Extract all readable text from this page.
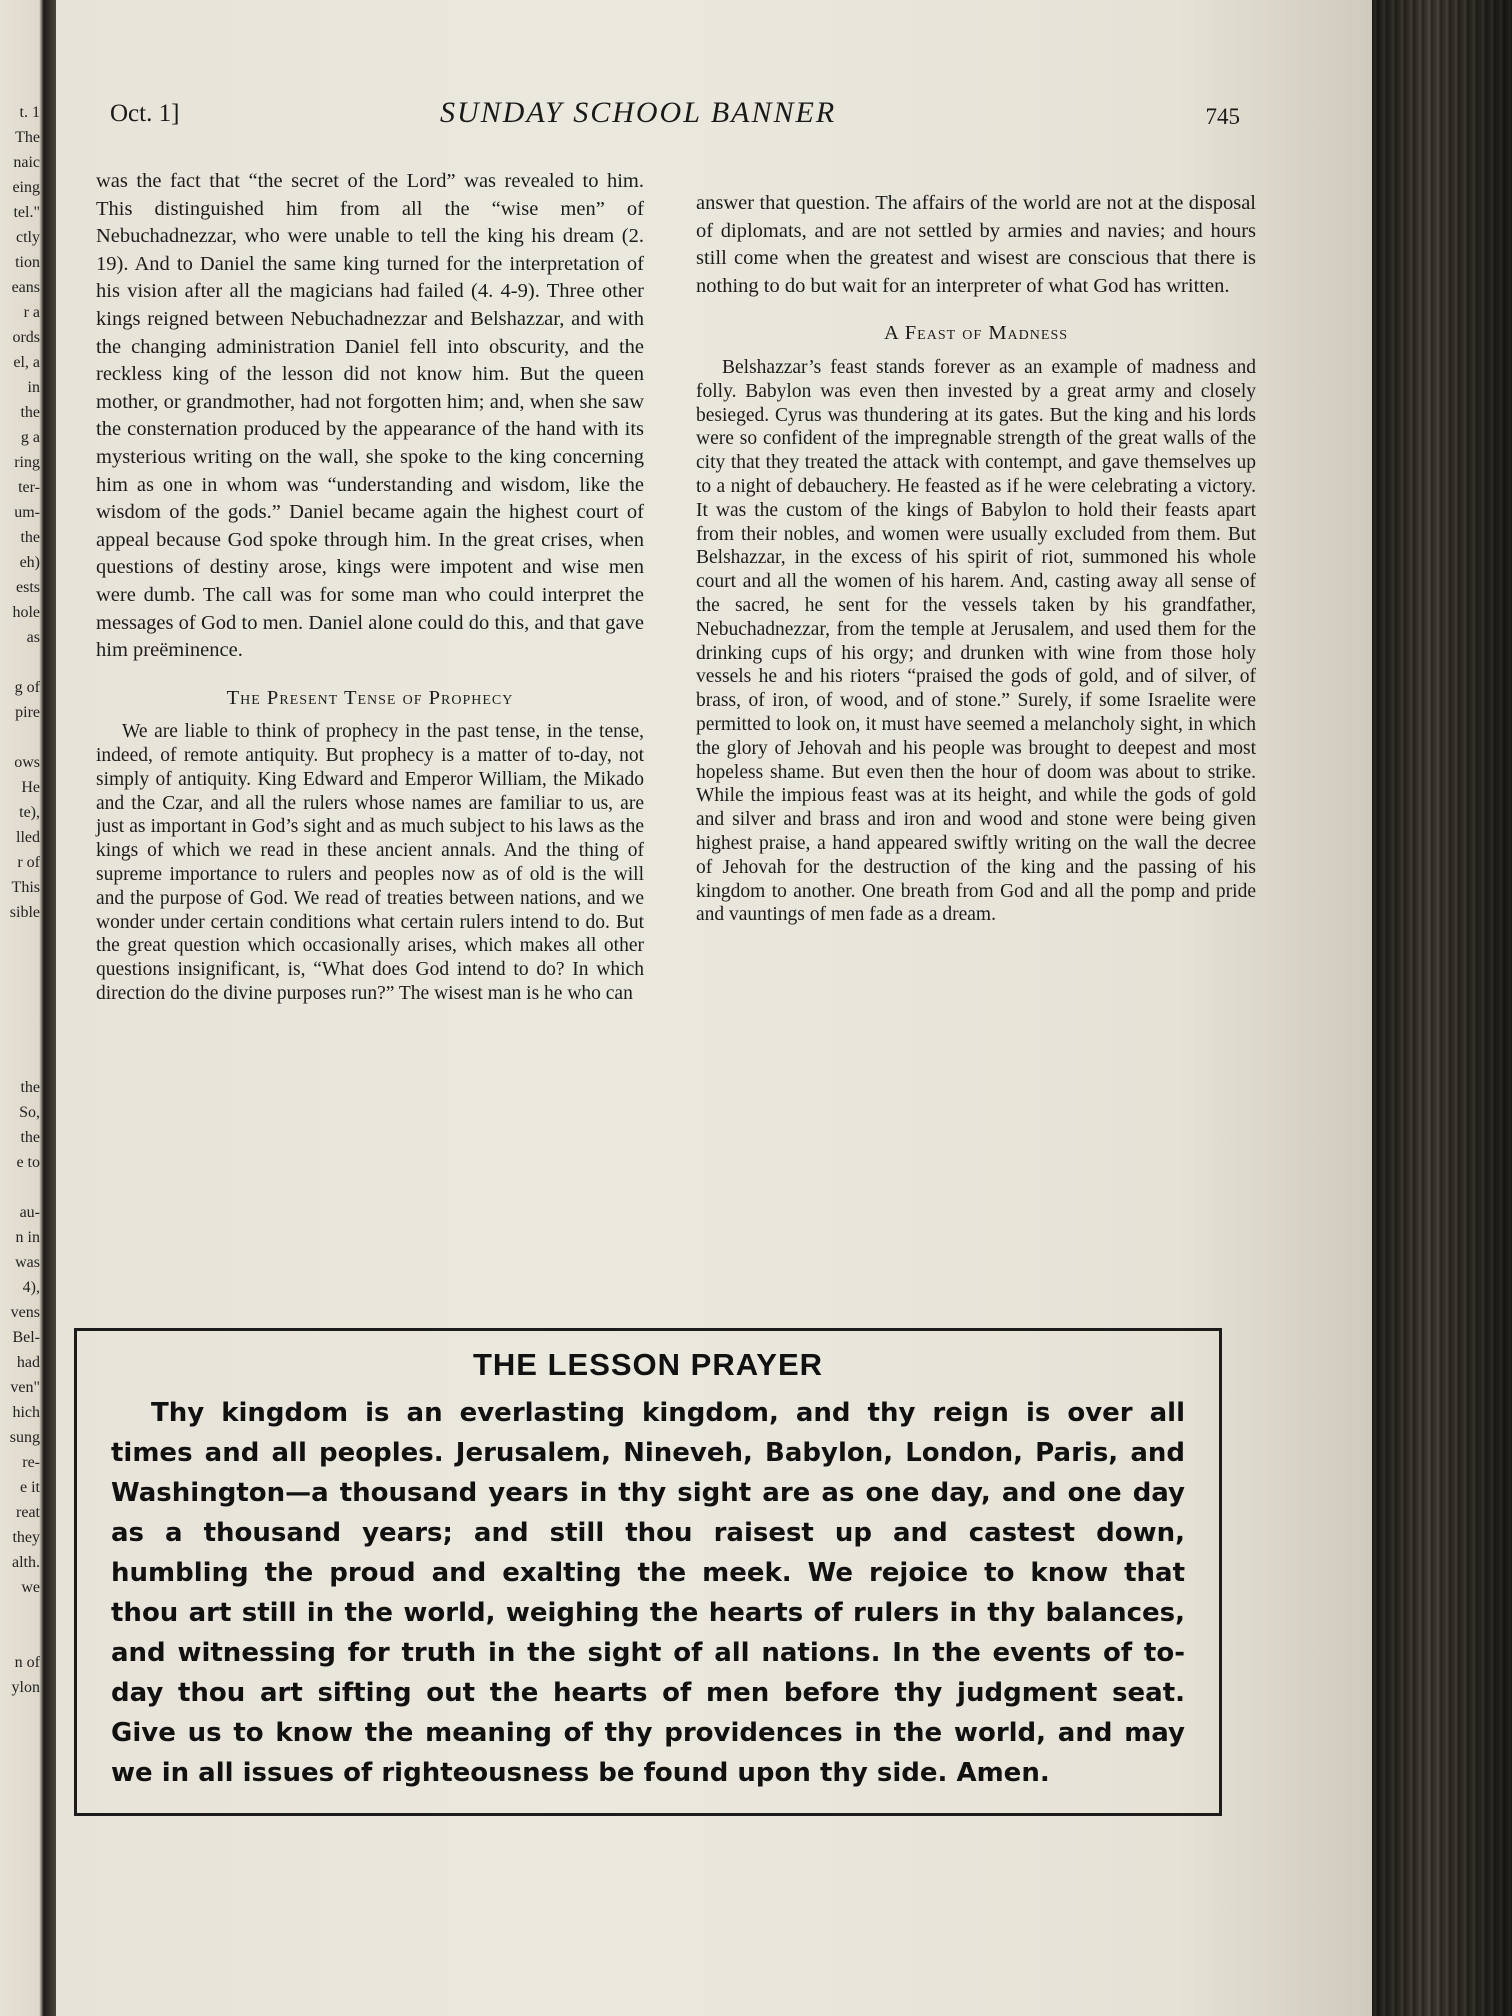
t. 1
The
naic
eing
tel."
ctly
tion
eans
r a
ords
el, a
in
the
g a
ring
ter-
um-
the
eh)
ests
hole
as
g of
pire
ows
He
te),
lled
r of
This
sible
the
So,
the
e to
au-
n in
was
4),
vens
Bel-
had
ven"
hich
sung
re-
e it
reat
they
alth.
we
n of
ylon
Oct. 1]	SUNDAY SCHOOL BANNER	745

was the fact that “the secret of the Lord” was revealed to him. This distinguished him from all the “wise men” of Nebuchadnezzar, who were unable to tell the king his dream (2. 19). And to Daniel the same king turned for the interpretation of his vision after all the magicians had failed (4. 4-9). Three other kings reigned between Nebuchadnezzar and Belshazzar, and with the changing administration Daniel fell into obscurity, and the reckless king of the lesson did not know him. But the queen mother, or grandmother, had not forgotten him; and, when she saw the consternation produced by the appearance of the hand with its mysterious writing on the wall, she spoke to the king concerning him as one in whom was “understanding and wisdom, like the wisdom of the gods.” Daniel became again the highest court of appeal because God spoke through him. In the great crises, when questions of destiny arose, kings were impotent and wise men were dumb. The call was for some man who could interpret the messages of God to men. Daniel alone could do this, and that gave him preëminence.

The Present Tense of Prophecy

We are liable to think of prophecy in the past tense, in the tense, indeed, of remote antiquity. But prophecy is a matter of to-day, not simply of antiquity. King Edward and Emperor William, the Mikado and the Czar, and all the rulers whose names are familiar to us, are just as important in God’s sight and as much subject to his laws as the kings of which we read in these ancient annals. And the thing of supreme importance to rulers and peoples now as of old is the will and the purpose of God. We read of treaties between nations, and we wonder under certain conditions what certain rulers intend to do. But the great question which occasionally arises, which makes all other questions insignificant, is, “What does God intend to do? In which direction do the divine purposes run?” The wisest man is he who can

answer that question. The affairs of the world are not at the disposal of diplomats, and are not settled by armies and navies; and hours still come when the greatest and wisest are conscious that there is nothing to do but wait for an interpreter of what God has written.

A Feast of Madness

Belshazzar’s feast stands forever as an example of madness and folly. Babylon was even then invested by a great army and closely besieged. Cyrus was thundering at its gates. But the king and his lords were so confident of the impregnable strength of the great walls of the city that they treated the attack with contempt, and gave themselves up to a night of debauchery. He feasted as if he were celebrating a victory. It was the custom of the kings of Babylon to hold their feasts apart from their nobles, and women were usually excluded from them. But Belshazzar, in the excess of his spirit of riot, summoned his whole court and all the women of his harem. And, casting away all sense of the sacred, he sent for the vessels taken by his grandfather, Nebuchadnezzar, from the temple at Jerusalem, and used them for the drinking cups of his orgy; and drunken with wine from those holy vessels he and his rioters “praised the gods of gold, and of silver, of brass, of iron, of wood, and of stone.” Surely, if some Israelite were permitted to look on, it must have seemed a melancholy sight, in which the glory of Jehovah and his people was brought to deepest and most hopeless shame. But even then the hour of doom was about to strike. While the impious feast was at its height, and while the gods of gold and silver and brass and iron and wood and stone were being given highest praise, a hand appeared swiftly writing on the wall the decree of Jehovah for the destruction of the king and the passing of his kingdom to another. One breath from God and all the pomp and pride and vauntings of men fade as a dream.

THE LESSON PRAYER

Thy kingdom is an everlasting kingdom, and thy reign is over all times and all peoples. Jerusalem, Nineveh, Babylon, London, Paris, and Washington—a thousand years in thy sight are as one day, and one day as a thousand years; and still thou raisest up and castest down, humbling the proud and exalting the meek. We rejoice to know that thou art still in the world, weighing the hearts of rulers in thy balances, and witnessing for truth in the sight of all nations. In the events of to-day thou art sifting out the hearts of men before thy judgment seat. Give us to know the meaning of thy providences in the world, and may we in all issues of righteousness be found upon thy side. Amen.
